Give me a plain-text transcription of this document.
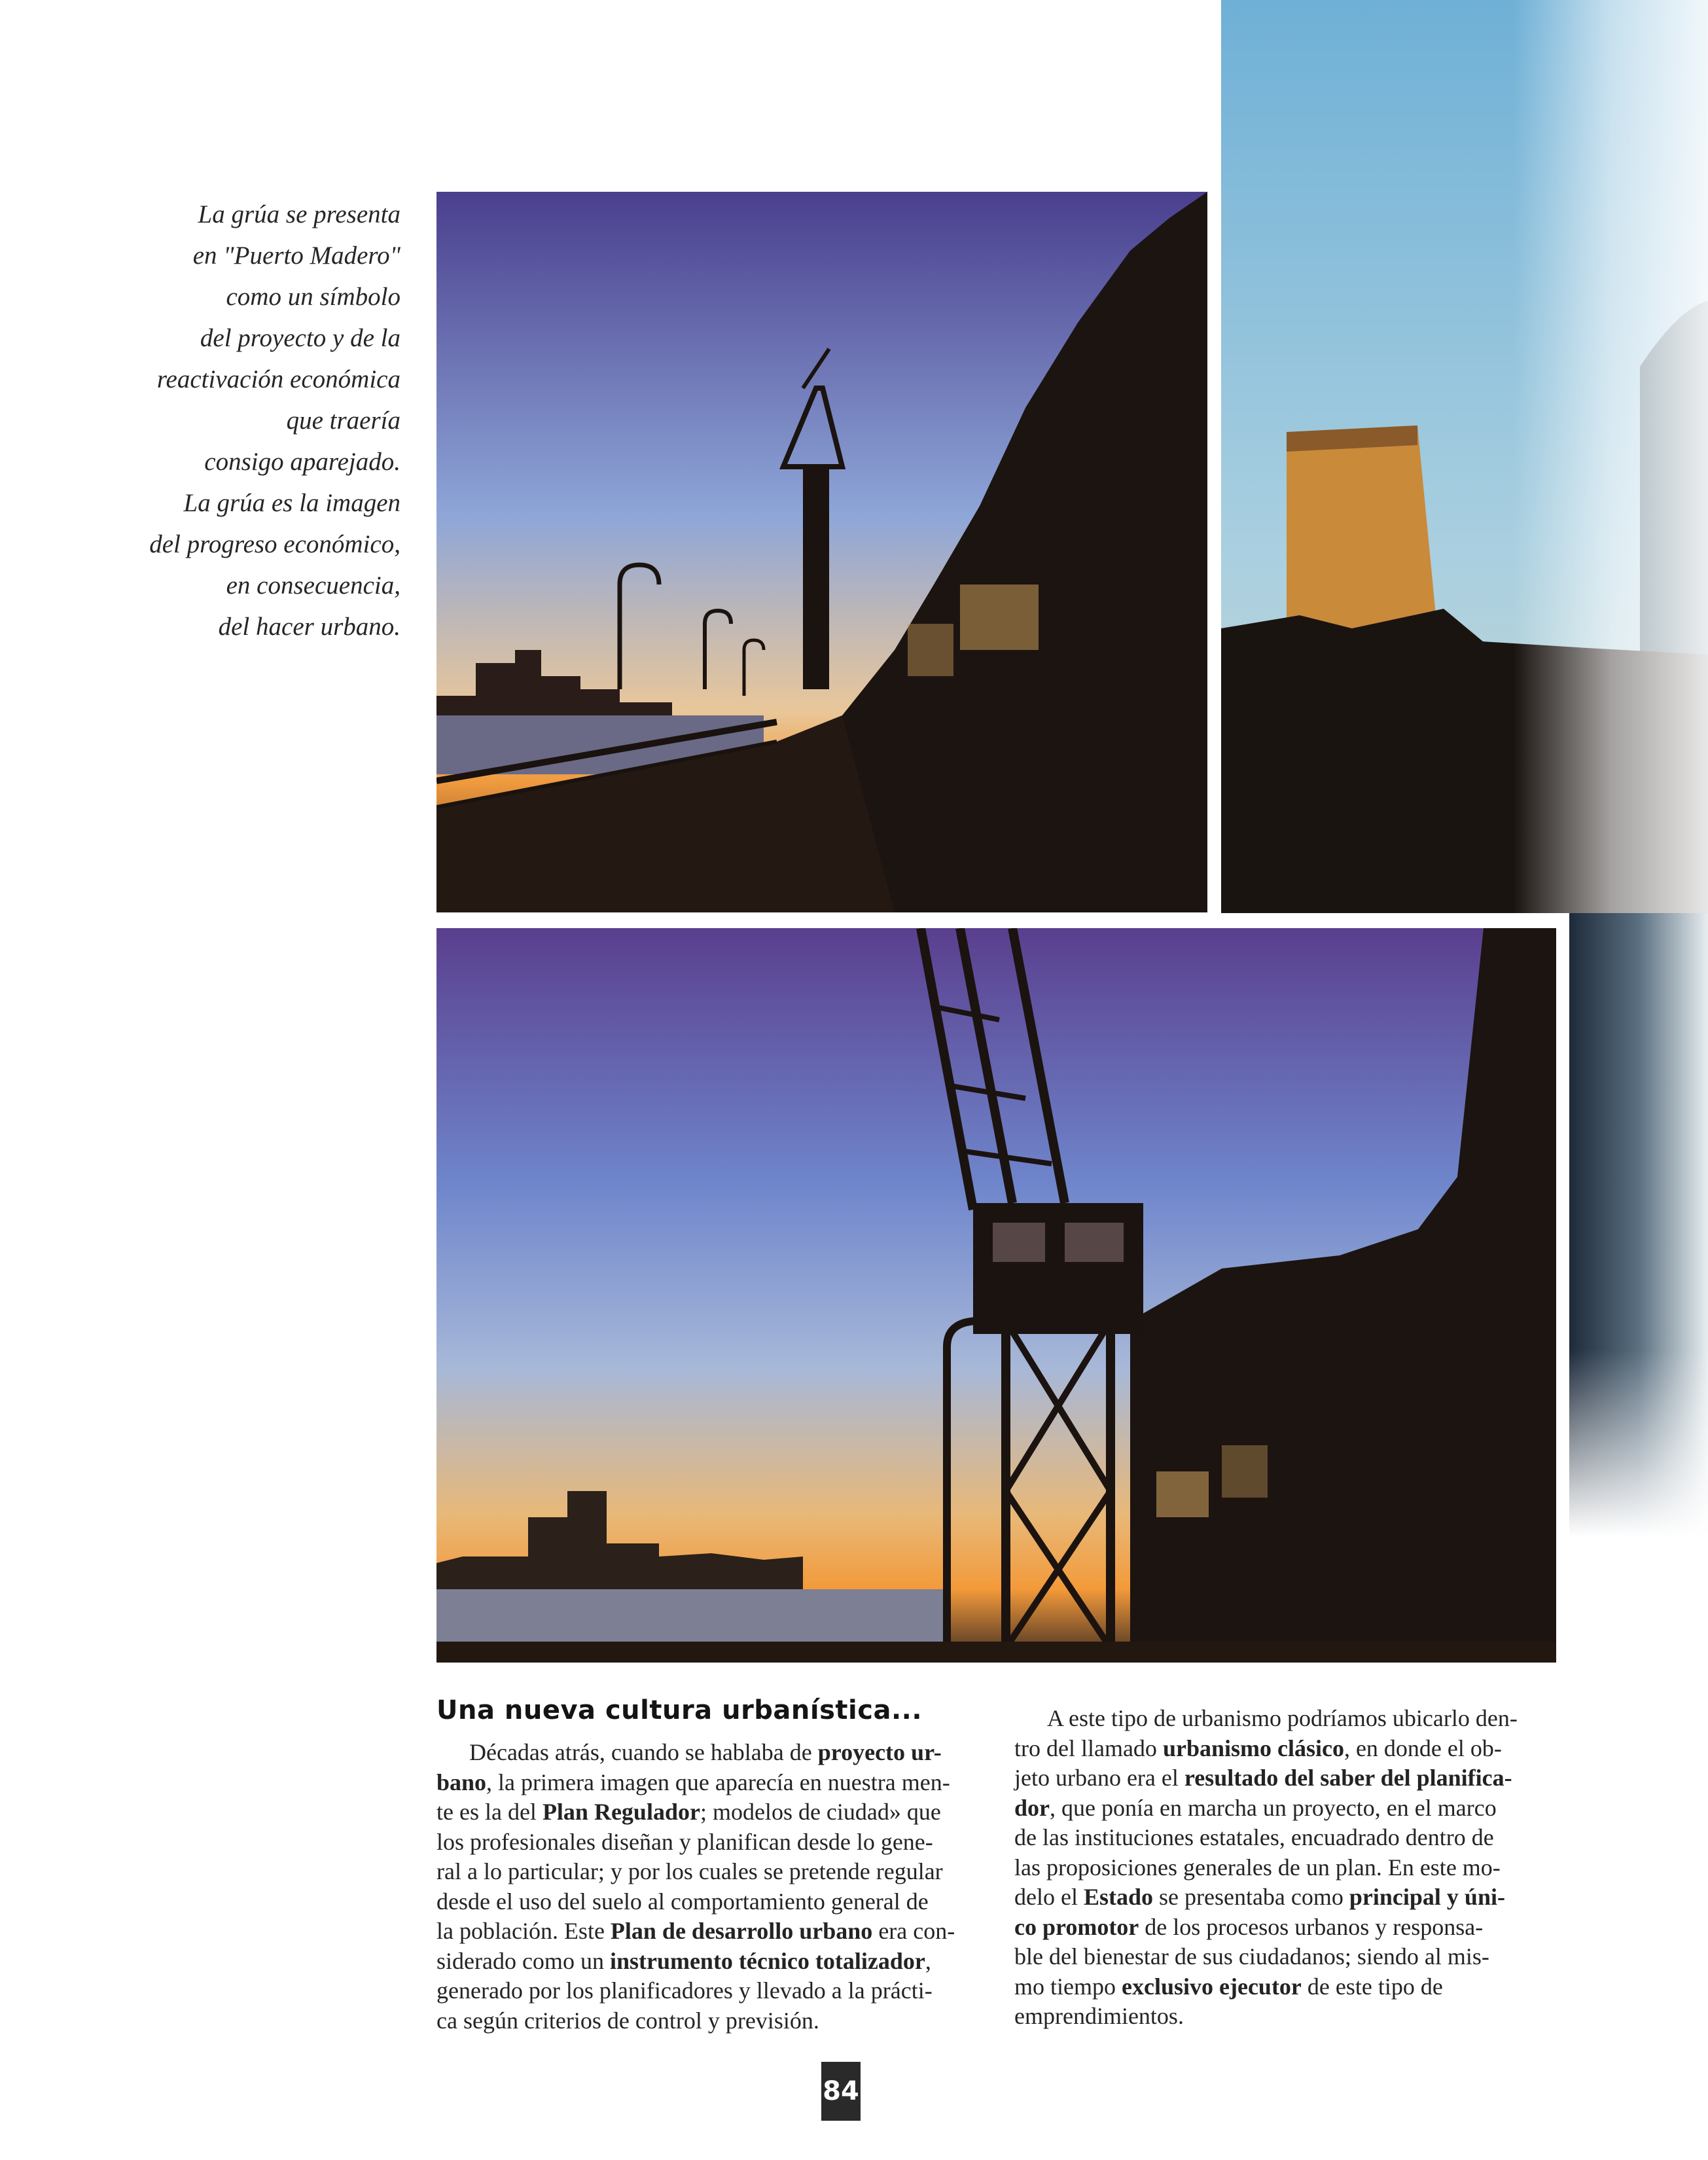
La grúa se presenta
en "Puerto Madero"
como un símbolo
del proyecto y de la
reactivación económica
que traería
consigo aparejado.
La grúa es la imagen
del progreso económico,
en consecuencia,
del hacer urbano.
Una nueva cultura urbanística...
Décadas atrás, cuando se hablaba de proyecto ur-
bano, la primera imagen que aparecía en nuestra men-
te es la del Plan Regulador; modelos de ciudad» que
los profesionales diseñan y planifican desde lo gene-
ral a lo particular; y por los cuales se pretende regular
desde el uso del suelo al comportamiento general de
la población. Este Plan de desarrollo urbano era con-
siderado como un instrumento técnico totalizador,
generado por los planificadores y llevado a la prácti-
ca según criterios de control y previsión.
A este tipo de urbanismo podríamos ubicarlo den-
tro del llamado urbanismo clásico, en donde el ob-
jeto urbano era el resultado del saber del planifica-
dor, que ponía en marcha un proyecto, en el marco
de las instituciones estatales, encuadrado dentro de
las proposiciones generales de un plan. En este mo-
delo el Estado se presentaba como principal y úni-
co promotor de los procesos urbanos y responsa-
ble del bienestar de sus ciudadanos; siendo al mis-
mo tiempo exclusivo ejecutor de este tipo de
emprendimientos.
84
